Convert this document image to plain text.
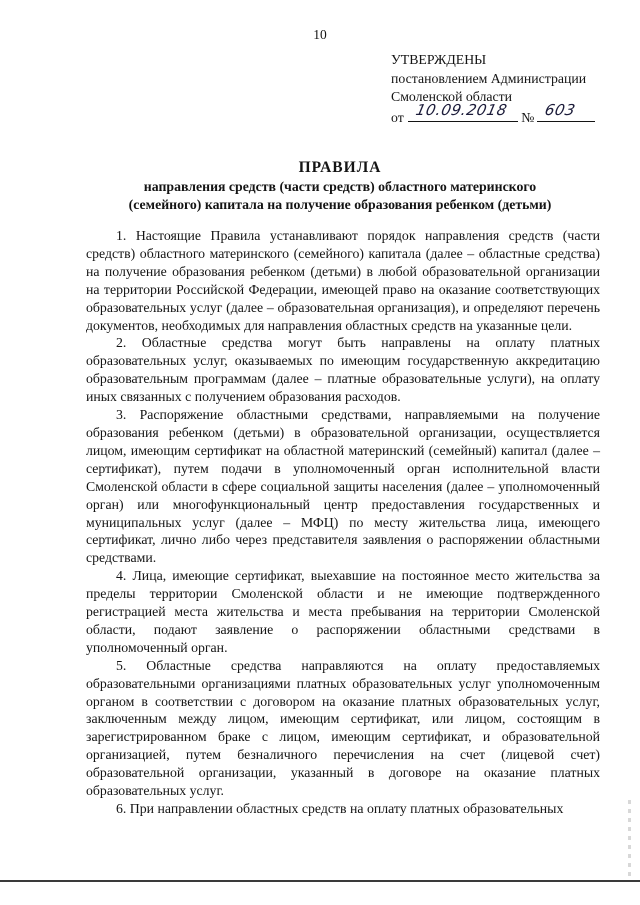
10
УТВЕРЖДЕНЫ
постановлением Администрации
Смоленской области
от 10.09.2018 № 603
ПРАВИЛА
направления средств (части средств) областного материнского
(семейного) капитала на получение образования ребенком (детьми)

1. Настоящие Правила устанавливают порядок направления средств (части средств) областного материнского (семейного) капитала (далее – областные средства) на получение образования ребенком (детьми) в любой образовательной организации на территории Российской Федерации, имеющей право на оказание соответствующих образовательных услуг (далее – образовательная организация), и определяют перечень документов, необходимых для направления областных средств на указанные цели.

2. Областные средства могут быть направлены на оплату платных образовательных услуг, оказываемых по имеющим государственную аккредитацию образовательным программам (далее – платные образовательные услуги), на оплату иных связанных с получением образования расходов.

3. Распоряжение областными средствами, направляемыми на получение образования ребенком (детьми) в образовательной организации, осуществляется лицом, имеющим сертификат на областной материнский (семейный) капитал (далее – сертификат), путем подачи в уполномоченный орган исполнительной власти Смоленской области в сфере социальной защиты населения (далее – уполномоченный орган) или многофункциональный центр предоставления государственных и муниципальных услуг (далее – МФЦ) по месту жительства лица, имеющего сертификат, лично либо через представителя заявления о распоряжении областными средствами.

4. Лица, имеющие сертификат, выехавшие на постоянное место жительства за пределы территории Смоленской области и не имеющие подтвержденного регистрацией места жительства и места пребывания на территории Смоленской области, подают заявление о распоряжении областными средствами в уполномоченный орган.

5. Областные средства направляются на оплату предоставляемых образовательными организациями платных образовательных услуг уполномоченным органом в соответствии с договором на оказание платных образовательных услуг, заключенным между лицом, имеющим сертификат, или лицом, состоящим в зарегистрированном браке с лицом, имеющим сертификат, и образовательной организацией, путем безналичного перечисления на счет (лицевой счет) образовательной организации, указанный в договоре на оказание платных образовательных услуг.

6. При направлении областных средств на оплату платных образовательных
